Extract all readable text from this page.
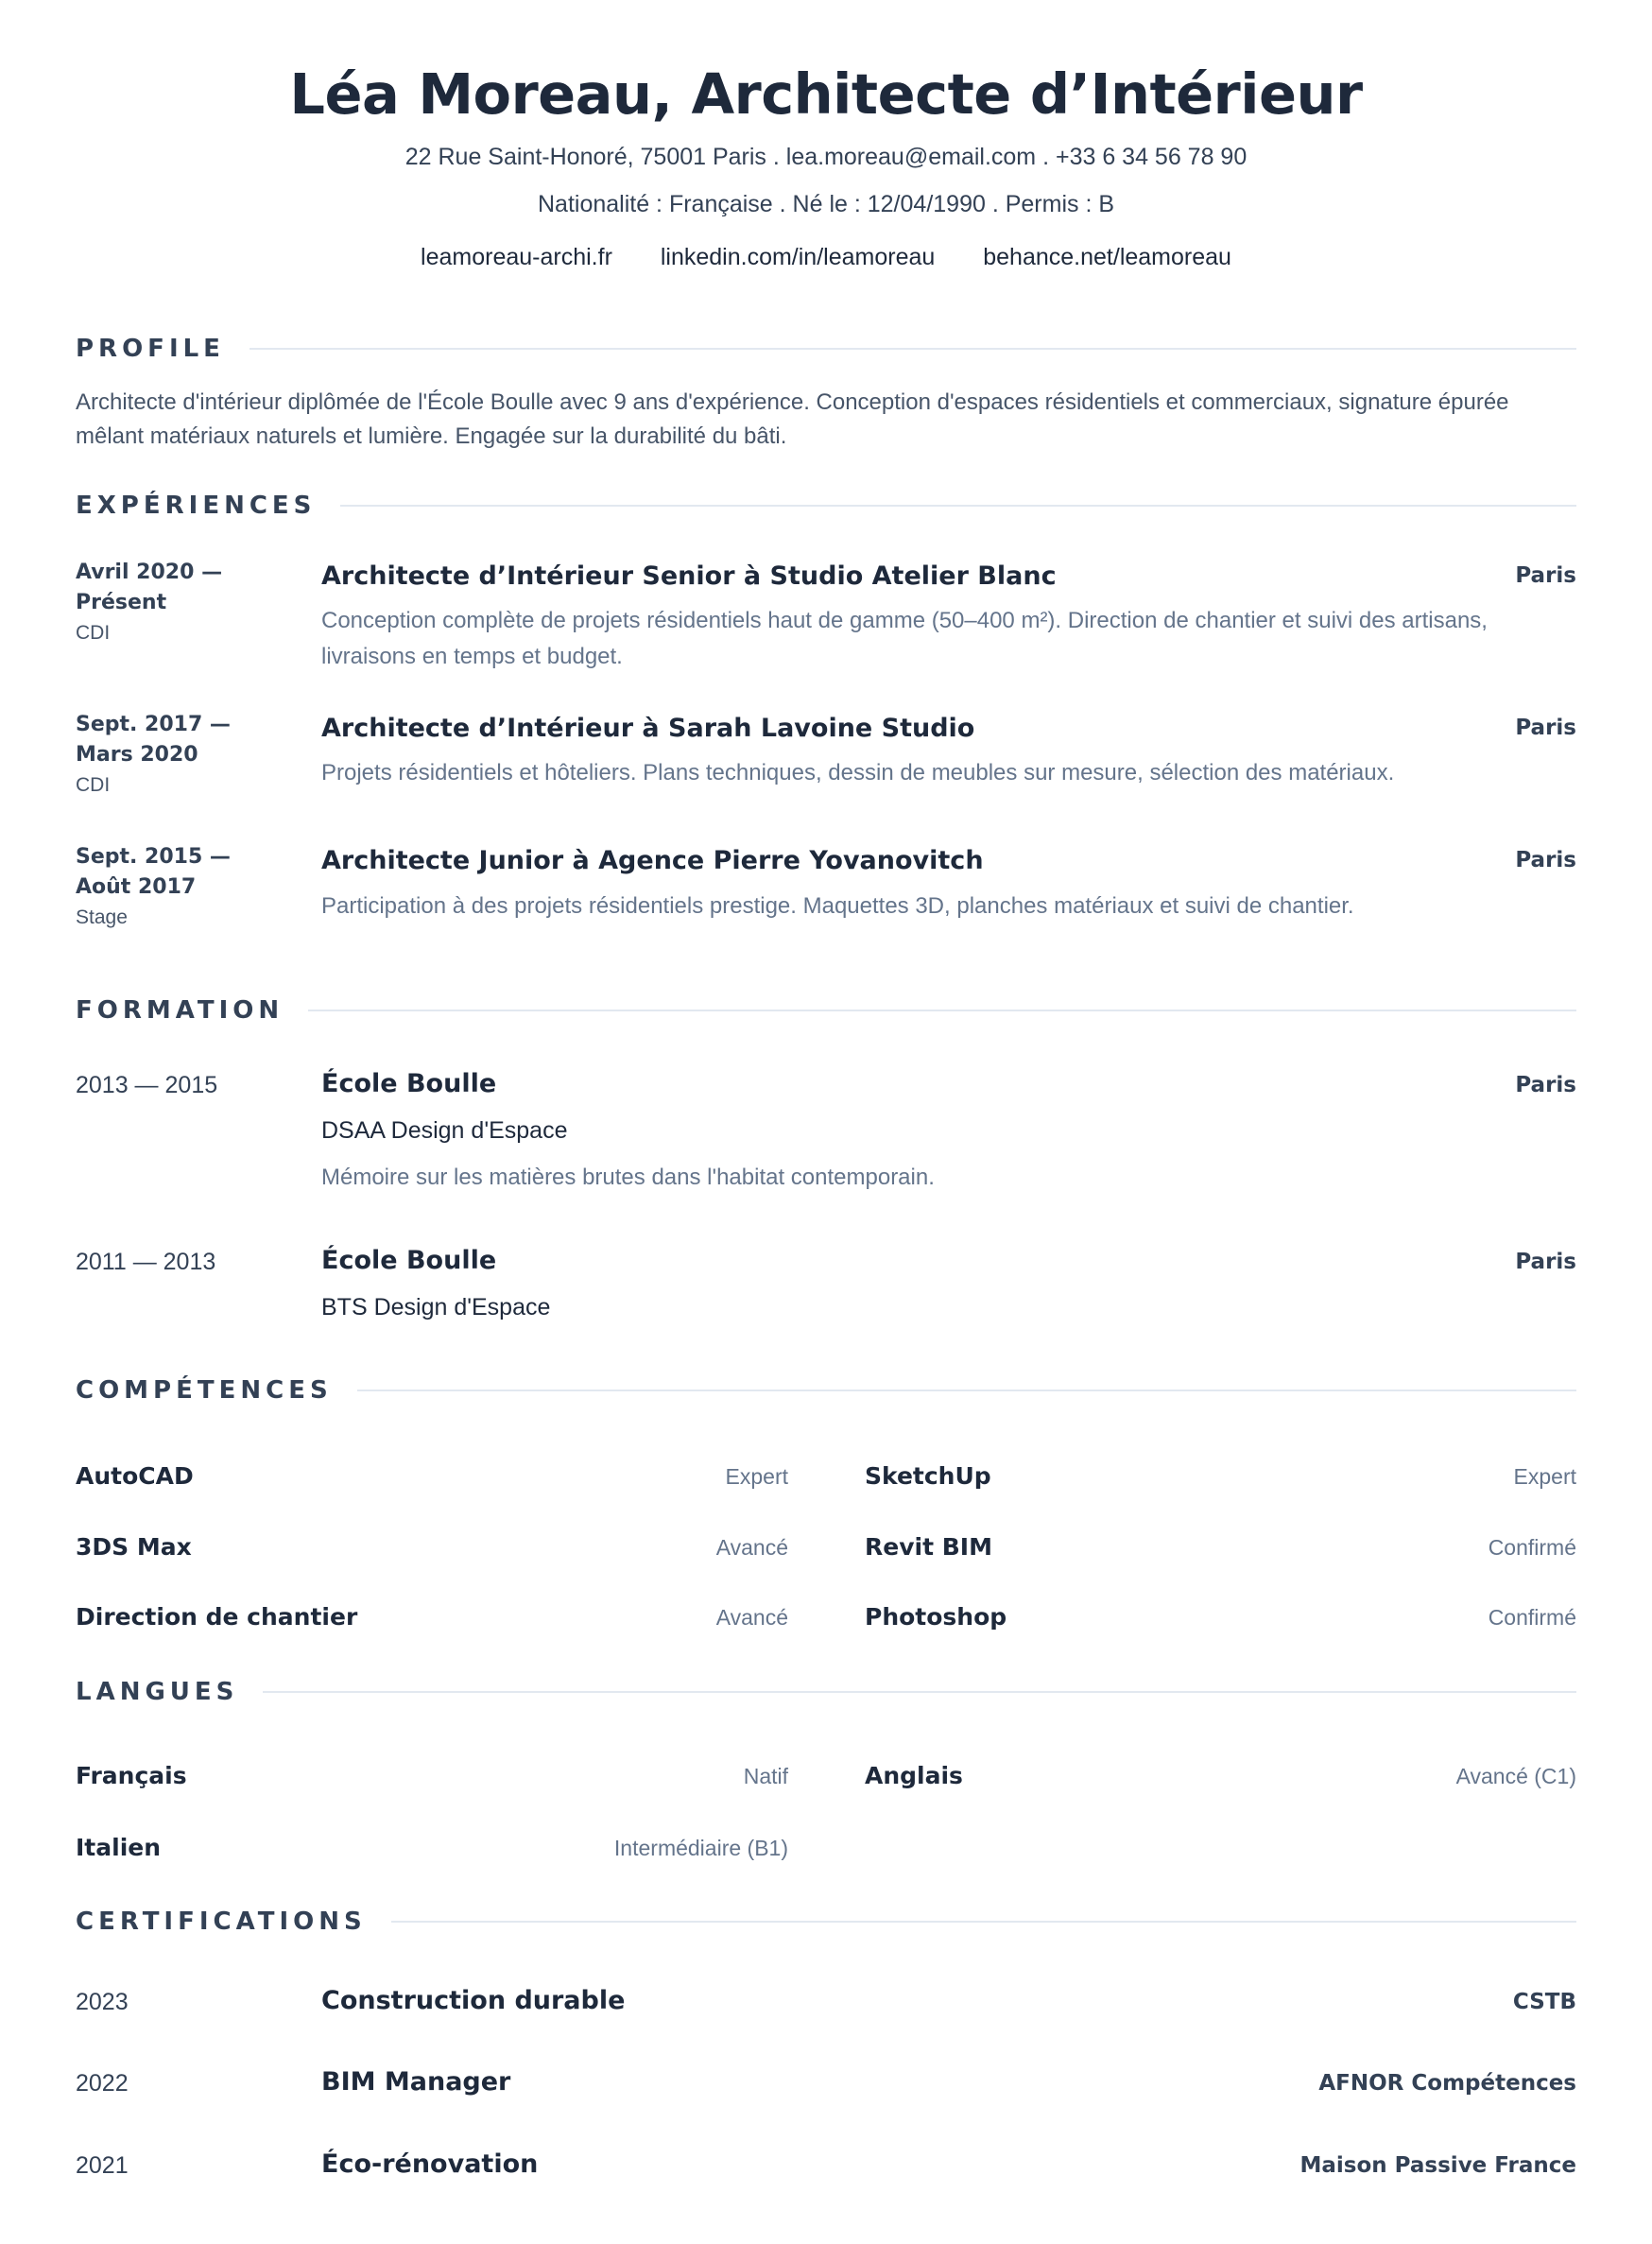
Léa Moreau, Architecte d’Intérieur
22 Rue Saint-Honoré, 75001 Paris . lea.moreau@email.com . +33 6 34 56 78 90
Nationalité : Française . Né le : 12/04/1990 . Permis : B
leamoreau-archi.fr linkedin.com/in/leamoreau behance.net/leamoreau
PROFILE
Architecte d'intérieur diplômée de l'École Boulle avec 9 ans d'expérience. Conception d'espaces résidentiels et commerciaux, signature épurée mêlant matériaux naturels et lumière. Engagée sur la durabilité du bâti.
EXPÉRIENCES
Avril 2020 —
Présent
CDI
Architecte d’Intérieur Senior à Studio Atelier Blanc	Paris
Conception complète de projets résidentiels haut de gamme (50–400 m²). Direction de chantier et suivi des artisans, livraisons en temps et budget.
Sept. 2017 —
Mars 2020
CDI
Architecte d’Intérieur à Sarah Lavoine Studio	Paris
Projets résidentiels et hôteliers. Plans techniques, dessin de meubles sur mesure, sélection des matériaux.
Sept. 2015 —
Août 2017
Stage
Architecte Junior à Agence Pierre Yovanovitch	Paris
Participation à des projets résidentiels prestige. Maquettes 3D, planches matériaux et suivi de chantier.
FORMATION
2013 — 2015	École Boulle	Paris
DSAA Design d'Espace
Mémoire sur les matières brutes dans l'habitat contemporain.
2011 — 2013	École Boulle	Paris
BTS Design d'Espace
COMPÉTENCES
AutoCAD	Expert	SketchUp	Expert
3DS Max	Avancé	Revit BIM	Confirmé
Direction de chantier	Avancé	Photoshop	Confirmé
LANGUES
Français	Natif	Anglais	Avancé (C1)
Italien	Intermédiaire (B1)
CERTIFICATIONS
2023	Construction durable	CSTB
2022	BIM Manager	AFNOR Compétences
2021	Éco-rénovation	Maison Passive France
